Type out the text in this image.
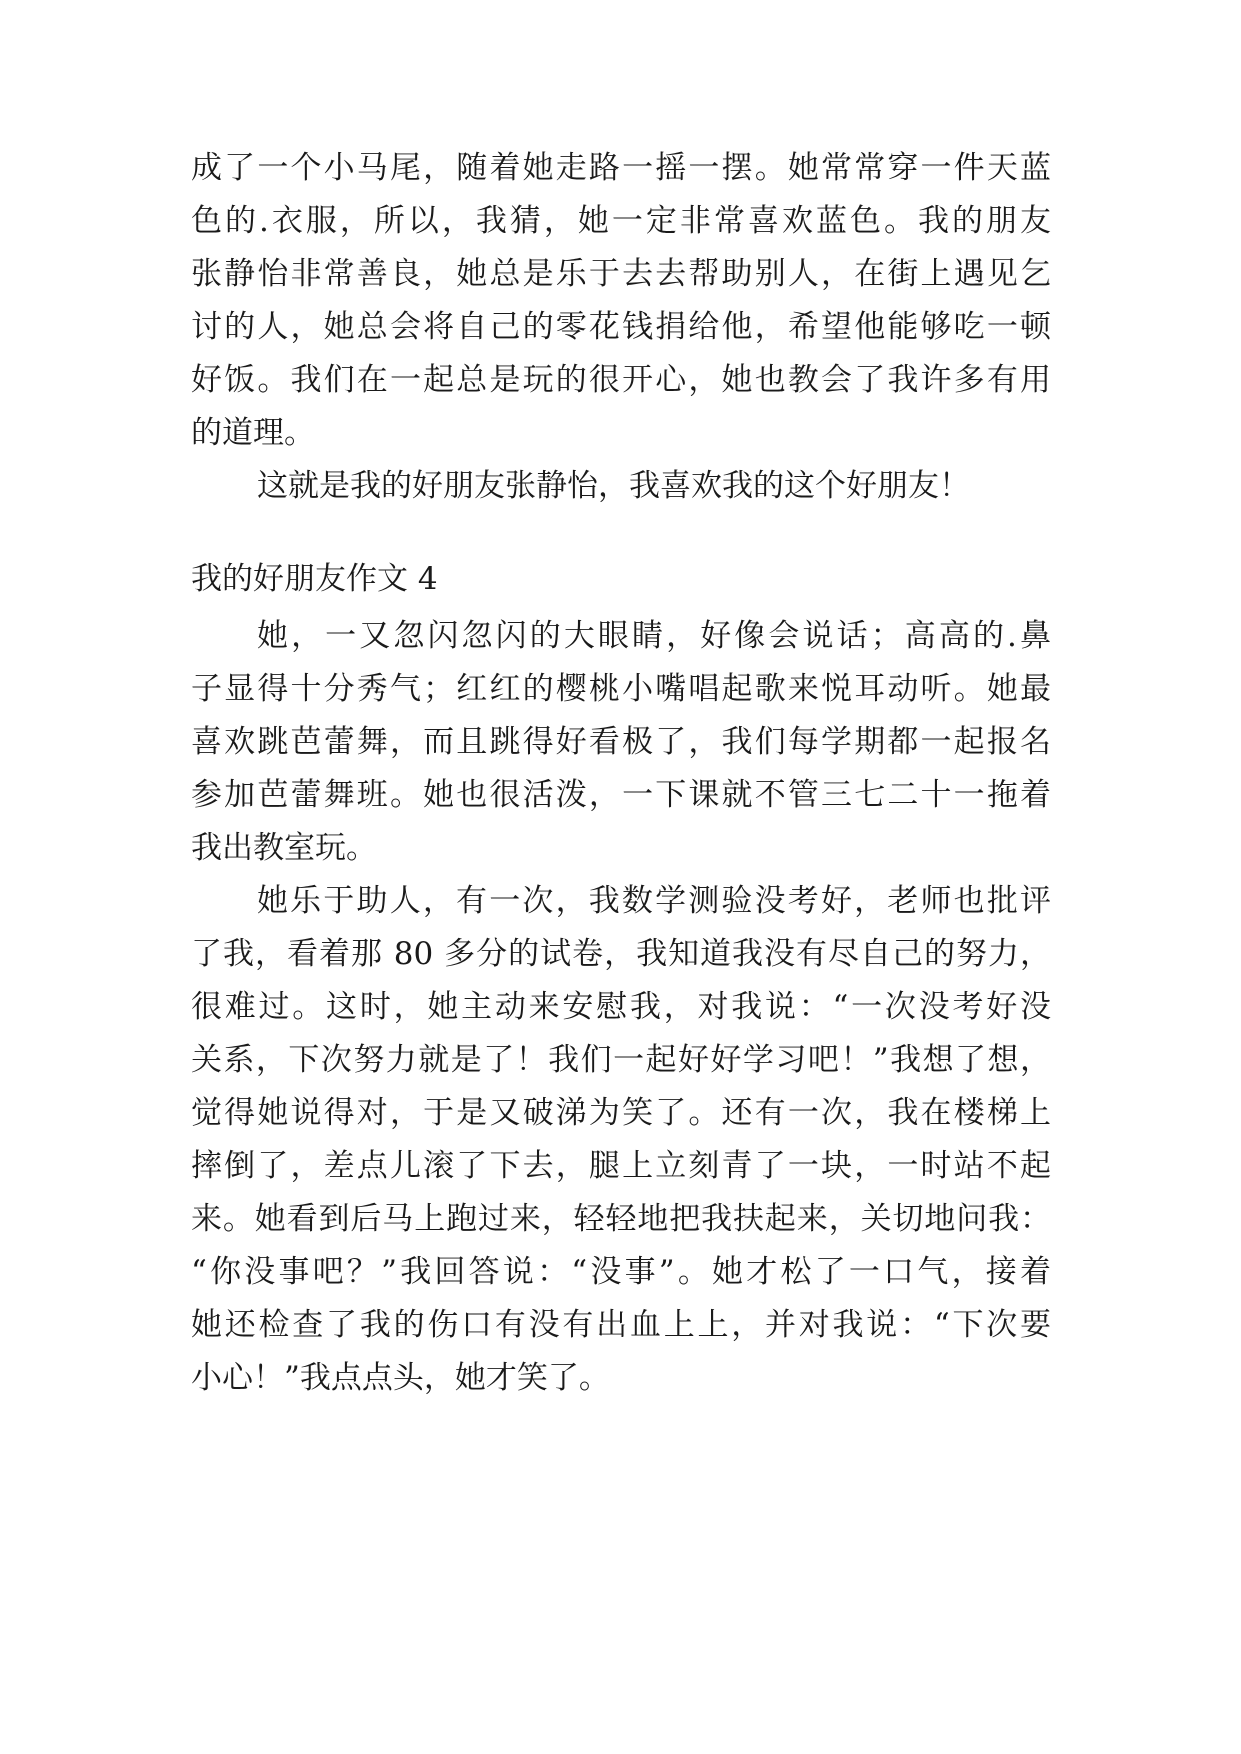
成了一个小马尾，随着她走路一摇一摆。她常常穿一件天蓝
色的.衣服，所以，我猜，她一定非常喜欢蓝色。我的朋友
张静怡非常善良，她总是乐于去去帮助别人，在街上遇见乞
讨的人，她总会将自己的零花钱捐给他，希望他能够吃一顿
好饭。我们在一起总是玩的很开心，她也教会了我许多有用
的道理。
这就是我的好朋友张静怡，我喜欢我的这个好朋友！
我的好朋友作文 4
她，一又忽闪忽闪的大眼睛，好像会说话；高高的.鼻
子显得十分秀气；红红的樱桃小嘴唱起歌来悦耳动听。她最
喜欢跳芭蕾舞，而且跳得好看极了，我们每学期都一起报名
参加芭蕾舞班。她也很活泼，一下课就不管三七二十一拖着
我出教室玩。
她乐于助人，有一次，我数学测验没考好，老师也批评
了我，看着那 80 多分的试卷，我知道我没有尽自己的努力，
很难过。这时，她主动来安慰我，对我说：“一次没考好没
关系，下次努力就是了！我们一起好好学习吧！”我想了想，
觉得她说得对，于是又破涕为笑了。还有一次，我在楼梯上
摔倒了，差点儿滚了下去，腿上立刻青了一块，一时站不起
来。她看到后马上跑过来，轻轻地把我扶起来，关切地问我：
“你没事吧？”我回答说：“没事”。她才松了一口气，接着
她还检查了我的伤口有没有出血上上，并对我说：“下次要
小心！”我点点头，她才笑了。
